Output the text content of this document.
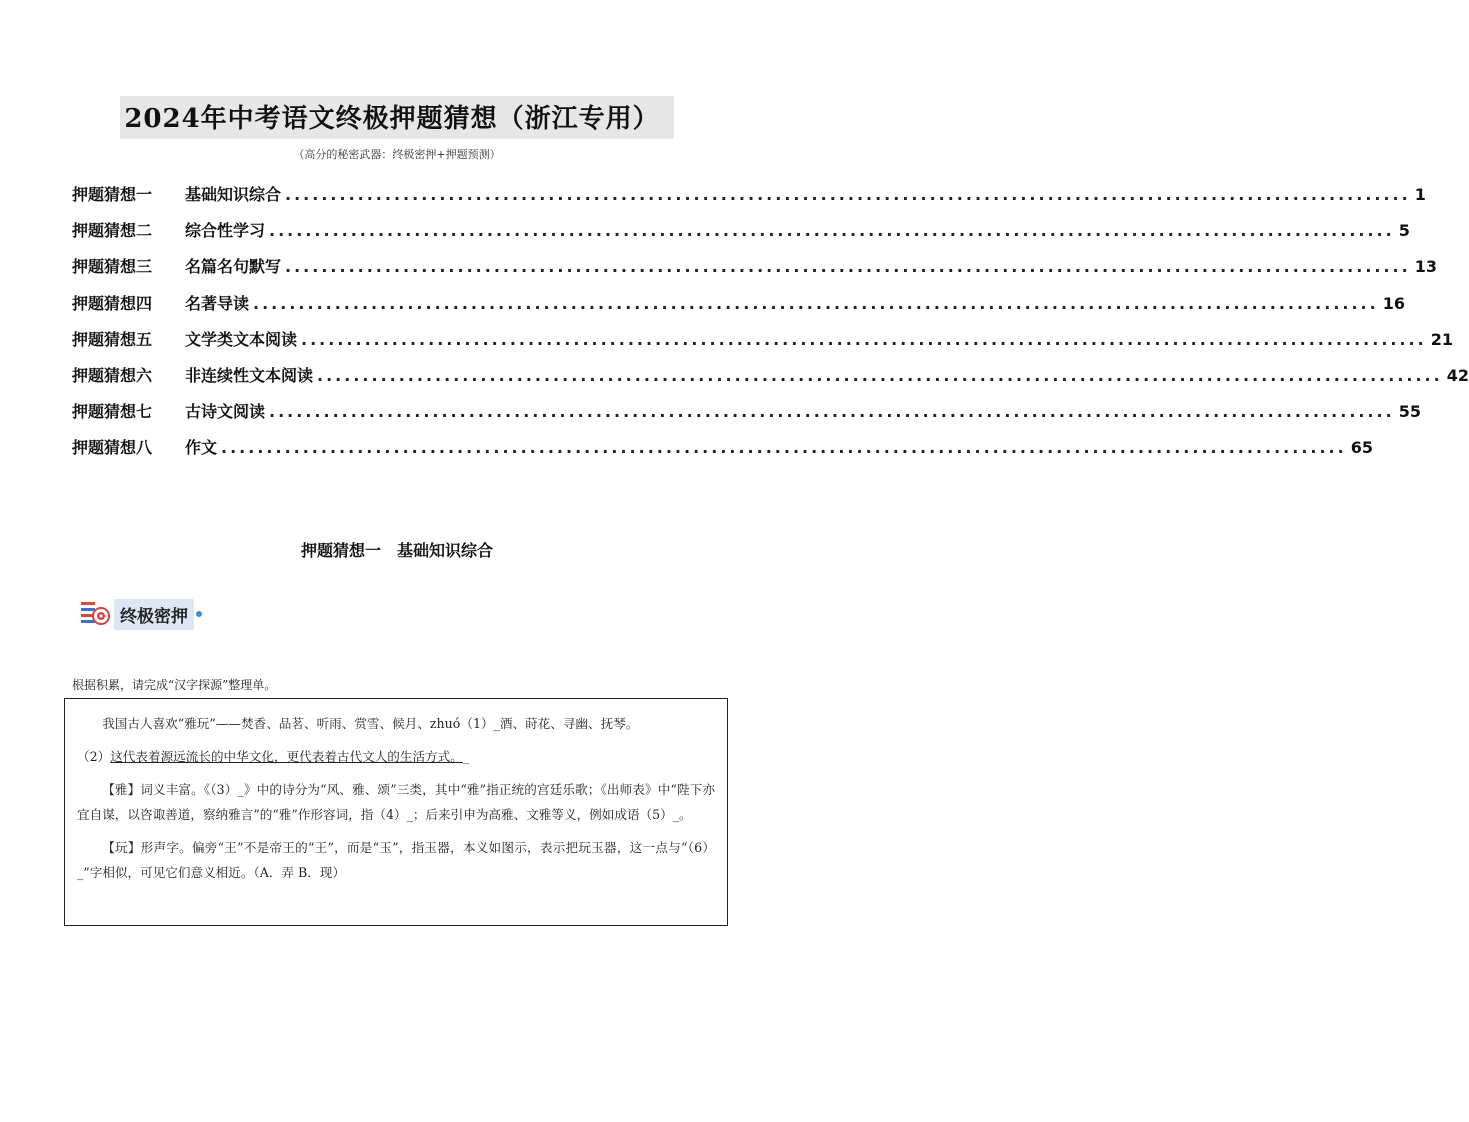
2024年中考语文终极押题猜想（浙江专用）
（高分的秘密武器：终极密押+押题预测）
押题猜想一	基础知识综合 ............................................................................................................................ 1
押题猜想二	综合性学习 ............................................................................................................................ 5
押题猜想三	名篇名句默写 ............................................................................................................................ 13
押题猜想四	名著导读 ............................................................................................................................ 16
押题猜想五	文学类文本阅读 ............................................................................................................................ 21
押题猜想六	非连续性文本阅读 ............................................................................................................................ 42
押题猜想七	古诗文阅读 ............................................................................................................................ 55
押题猜想八	作文 ............................................................................................................................ 65
押题猜想一　基础知识综合
终极密押
根据积累，请完成“汉字探源”整理单。

我国古人喜欢“雅玩”——焚香、品茗、听雨、赏雪、候月、zhuó（1）_酒、莳花、寻幽、抚琴。

（2）这代表着源远流长的中华文化，更代表着古代文人的生活方式。_

【雅】词义丰富。《（3）_》中的诗分为“风、雅、颂”三类，其中“雅”指正统的宫廷乐歌；《出师表》中“陛下亦宜自谋，以咨诹善道，察纳雅言”的“雅”作形容词，指（4）_；后来引申为高雅、文雅等义，例如成语（5）_。

【玩】形声字。偏旁“王”不是帝王的“王”，而是“玉”，指玉器，本义如图示，表示把玩玉器，这一点与“（6）_”字相似，可见它们意义相近。（A．弄 B．现）
